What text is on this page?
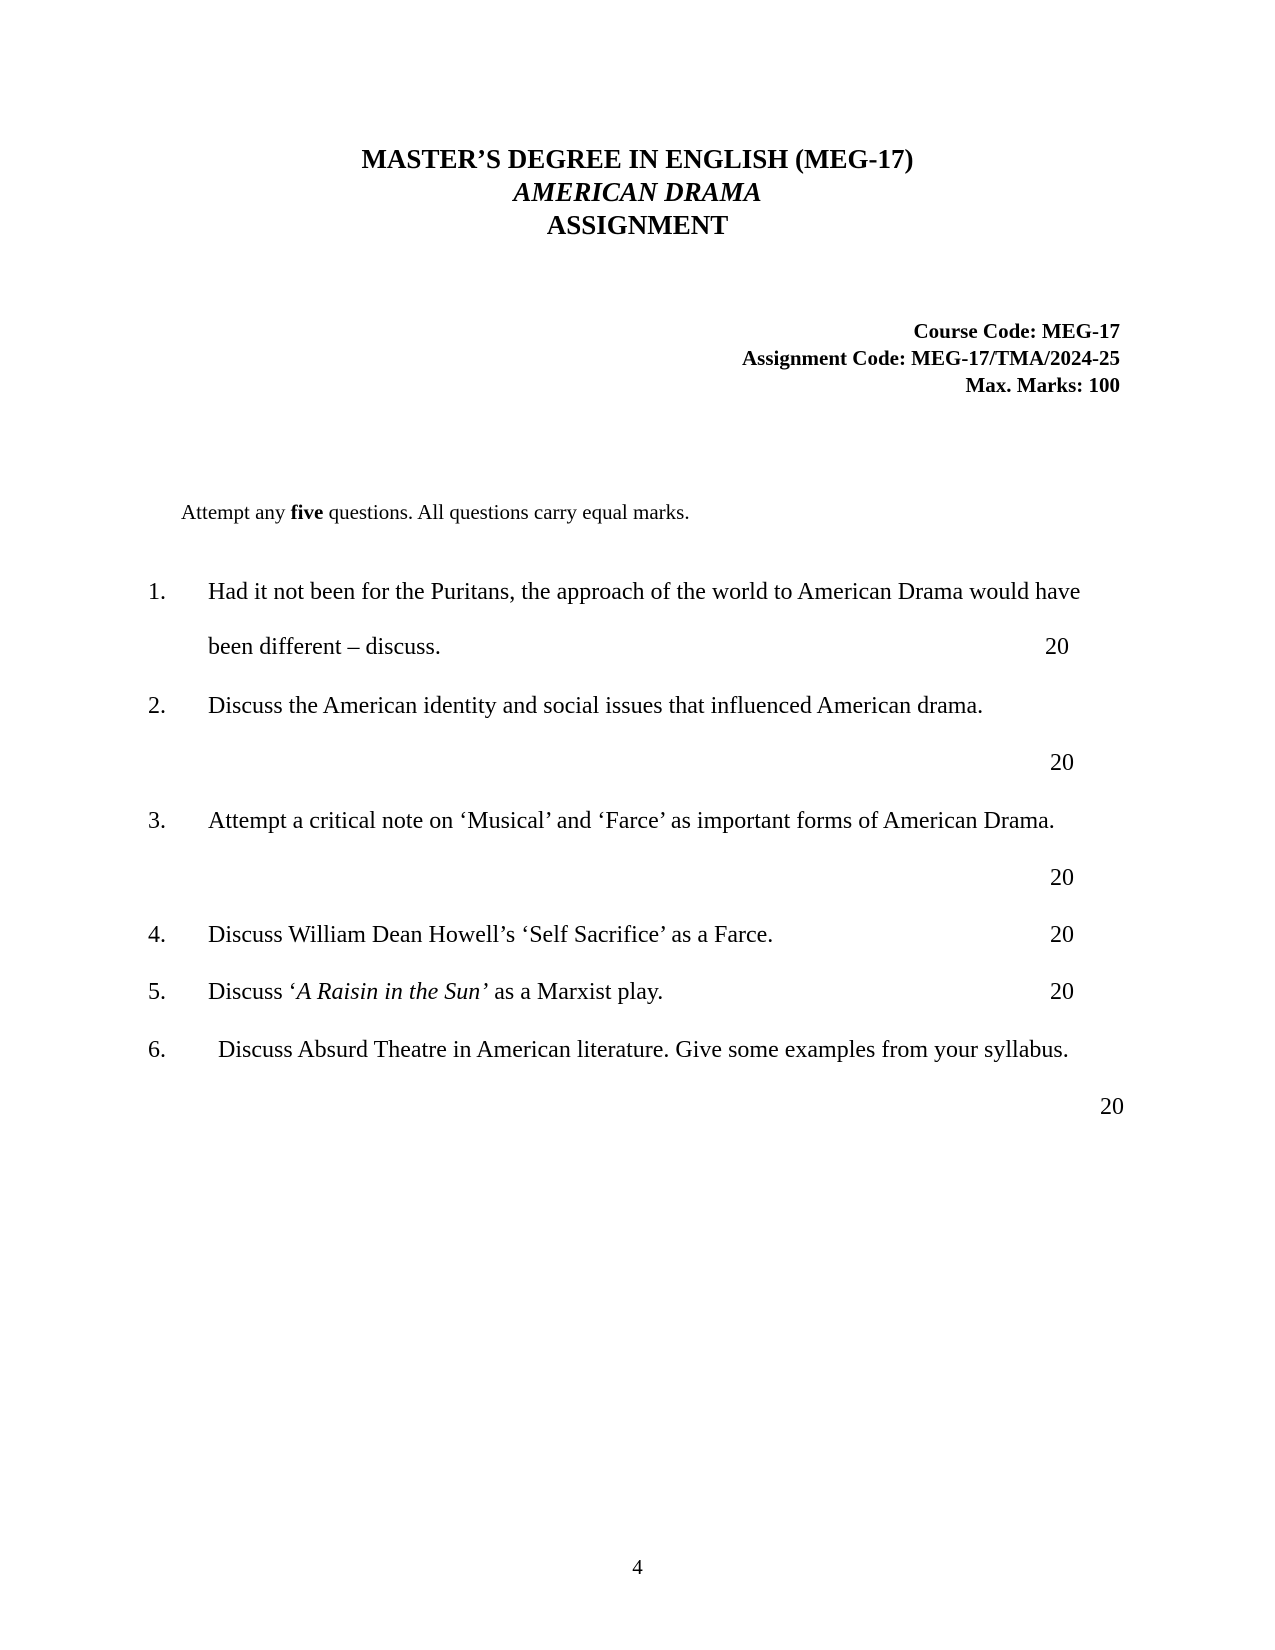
MASTER’S DEGREE IN ENGLISH (MEG-17)
AMERICAN DRAMA
ASSIGNMENT
Course Code: MEG-17
Assignment Code: MEG-17/TMA/2024-25
Max. Marks: 100
Attempt any five questions. All questions carry equal marks.
1. Had it not been for the Puritans, the approach of the world to American Drama would have
been different – discuss.	20
2. Discuss the American identity and social issues that influenced American drama.
20
3. Attempt a critical note on ‘Musical’ and ‘Farce’ as important forms of American Drama.
20
4. Discuss William Dean Howell’s ‘Self Sacrifice’ as a Farce.	20
5. Discuss ‘A Raisin in the Sun’ as a Marxist play.	20
6. Discuss Absurd Theatre in American literature. Give some examples from your syllabus.
20
4
